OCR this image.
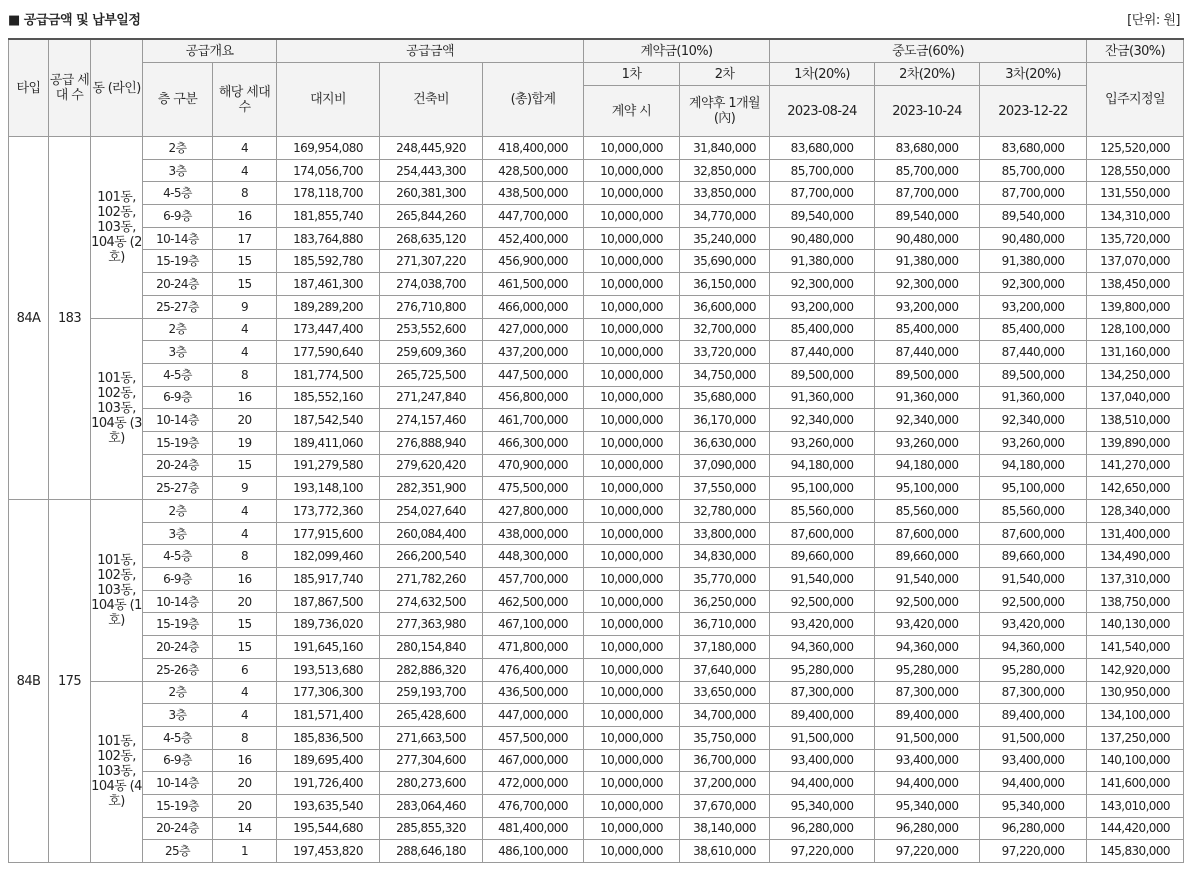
■ 공급금액 및 납부일정	[단위: 원]
타입	공급 세대 수	동 (라인)	공급개요		공급금액			계약금(10%)		중도금(60%)			잔금(30%)
			층 구분	해당 세대수	대지비	건축비	(총)합계	1차	2차	1차(20%)	2차(20%)	3차(20%)	입주지정일
								계약 시	계약후 1개월(內)	2023-08-24	2023-10-24	2023-12-22	
84A	183	101동, 102동, 103동, 104동 (2호)	2층	4	169,954,080	248,445,920	418,400,000	10,000,000	31,840,000	83,680,000	83,680,000	83,680,000	125,520,000
			3층	4	174,056,700	254,443,300	428,500,000	10,000,000	32,850,000	85,700,000	85,700,000	85,700,000	128,550,000
			4-5층	8	178,118,700	260,381,300	438,500,000	10,000,000	33,850,000	87,700,000	87,700,000	87,700,000	131,550,000
			6-9층	16	181,855,740	265,844,260	447,700,000	10,000,000	34,770,000	89,540,000	89,540,000	89,540,000	134,310,000
			10-14층	17	183,764,880	268,635,120	452,400,000	10,000,000	35,240,000	90,480,000	90,480,000	90,480,000	135,720,000
			15-19층	15	185,592,780	271,307,220	456,900,000	10,000,000	35,690,000	91,380,000	91,380,000	91,380,000	137,070,000
			20-24층	15	187,461,300	274,038,700	461,500,000	10,000,000	36,150,000	92,300,000	92,300,000	92,300,000	138,450,000
			25-27층	9	189,289,200	276,710,800	466,000,000	10,000,000	36,600,000	93,200,000	93,200,000	93,200,000	139,800,000
		101동, 102동, 103동, 104동 (3호)	2층	4	173,447,400	253,552,600	427,000,000	10,000,000	32,700,000	85,400,000	85,400,000	85,400,000	128,100,000
			3층	4	177,590,640	259,609,360	437,200,000	10,000,000	33,720,000	87,440,000	87,440,000	87,440,000	131,160,000
			4-5층	8	181,774,500	265,725,500	447,500,000	10,000,000	34,750,000	89,500,000	89,500,000	89,500,000	134,250,000
			6-9층	16	185,552,160	271,247,840	456,800,000	10,000,000	35,680,000	91,360,000	91,360,000	91,360,000	137,040,000
			10-14층	20	187,542,540	274,157,460	461,700,000	10,000,000	36,170,000	92,340,000	92,340,000	92,340,000	138,510,000
			15-19층	19	189,411,060	276,888,940	466,300,000	10,000,000	36,630,000	93,260,000	93,260,000	93,260,000	139,890,000
			20-24층	15	191,279,580	279,620,420	470,900,000	10,000,000	37,090,000	94,180,000	94,180,000	94,180,000	141,270,000
			25-27층	9	193,148,100	282,351,900	475,500,000	10,000,000	37,550,000	95,100,000	95,100,000	95,100,000	142,650,000
84B	175	101동, 102동, 103동, 104동 (1호)	2층	4	173,772,360	254,027,640	427,800,000	10,000,000	32,780,000	85,560,000	85,560,000	85,560,000	128,340,000
			3층	4	177,915,600	260,084,400	438,000,000	10,000,000	33,800,000	87,600,000	87,600,000	87,600,000	131,400,000
			4-5층	8	182,099,460	266,200,540	448,300,000	10,000,000	34,830,000	89,660,000	89,660,000	89,660,000	134,490,000
			6-9층	16	185,917,740	271,782,260	457,700,000	10,000,000	35,770,000	91,540,000	91,540,000	91,540,000	137,310,000
			10-14층	20	187,867,500	274,632,500	462,500,000	10,000,000	36,250,000	92,500,000	92,500,000	92,500,000	138,750,000
			15-19층	15	189,736,020	277,363,980	467,100,000	10,000,000	36,710,000	93,420,000	93,420,000	93,420,000	140,130,000
			20-24층	15	191,645,160	280,154,840	471,800,000	10,000,000	37,180,000	94,360,000	94,360,000	94,360,000	141,540,000
			25-26층	6	193,513,680	282,886,320	476,400,000	10,000,000	37,640,000	95,280,000	95,280,000	95,280,000	142,920,000
		101동, 102동, 103동, 104동 (4호)	2층	4	177,306,300	259,193,700	436,500,000	10,000,000	33,650,000	87,300,000	87,300,000	87,300,000	130,950,000
			3층	4	181,571,400	265,428,600	447,000,000	10,000,000	34,700,000	89,400,000	89,400,000	89,400,000	134,100,000
			4-5층	8	185,836,500	271,663,500	457,500,000	10,000,000	35,750,000	91,500,000	91,500,000	91,500,000	137,250,000
			6-9층	16	189,695,400	277,304,600	467,000,000	10,000,000	36,700,000	93,400,000	93,400,000	93,400,000	140,100,000
			10-14층	20	191,726,400	280,273,600	472,000,000	10,000,000	37,200,000	94,400,000	94,400,000	94,400,000	141,600,000
			15-19층	20	193,635,540	283,064,460	476,700,000	10,000,000	37,670,000	95,340,000	95,340,000	95,340,000	143,010,000
			20-24층	14	195,544,680	285,855,320	481,400,000	10,000,000	38,140,000	96,280,000	96,280,000	96,280,000	144,420,000
			25층	1	197,453,820	288,646,180	486,100,000	10,000,000	38,610,000	97,220,000	97,220,000	97,220,000	145,830,000
